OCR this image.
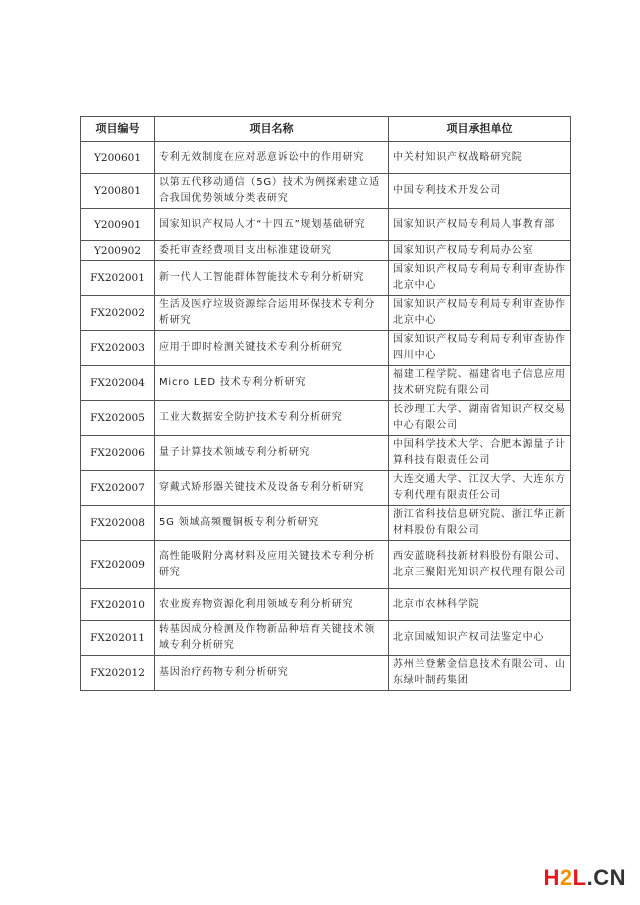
项目编号	项目名称	项目承担单位
Y200601	专利无效制度在应对恶意诉讼中的作用研究	中关村知识产权战略研究院
Y200801	以第五代移动通信（5G）技术为例探索建立适合我国优势领域分类表研究	中国专利技术开发公司
Y200901	国家知识产权局人才“十四五”规划基础研究	国家知识产权局专利局人事教育部
Y200902	委托审查经费项目支出标准建设研究	国家知识产权局专利局办公室
FX202001	新一代人工智能群体智能技术专利分析研究	国家知识产权局专利局专利审查协作北京中心
FX202002	生活及医疗垃圾资源综合运用环保技术专利分析研究	国家知识产权局专利局专利审查协作北京中心
FX202003	应用于即时检测关键技术专利分析研究	国家知识产权局专利局专利审查协作四川中心
FX202004	Micro LED 技术专利分析研究	福建工程学院、福建省电子信息应用技术研究院有限公司
FX202005	工业大数据安全防护技术专利分析研究	长沙理工大学、湖南省知识产权交易中心有限公司
FX202006	量子计算技术领域专利分析研究	中国科学技术大学、合肥本源量子计算科技有限责任公司
FX202007	穿戴式矫形器关键技术及设备专利分析研究	大连交通大学、江汉大学、大连东方专利代理有限责任公司
FX202008	5G 领域高频覆铜板专利分析研究	浙江省科技信息研究院、浙江华正新材料股份有限公司
FX202009	高性能吸附分离材料及应用关键技术专利分析研究	西安蓝晓科技新材料股份有限公司、北京三聚阳光知识产权代理有限公司
FX202010	农业废弃物资源化利用领域专利分析研究	北京市农林科学院
FX202011	转基因成分检测及作物新品种培育关键技术领域专利分析研究	北京国威知识产权司法鉴定中心
FX202012	基因治疗药物专利分析研究	苏州兰登紫金信息技术有限公司、山东绿叶制药集团
H2L.CN
